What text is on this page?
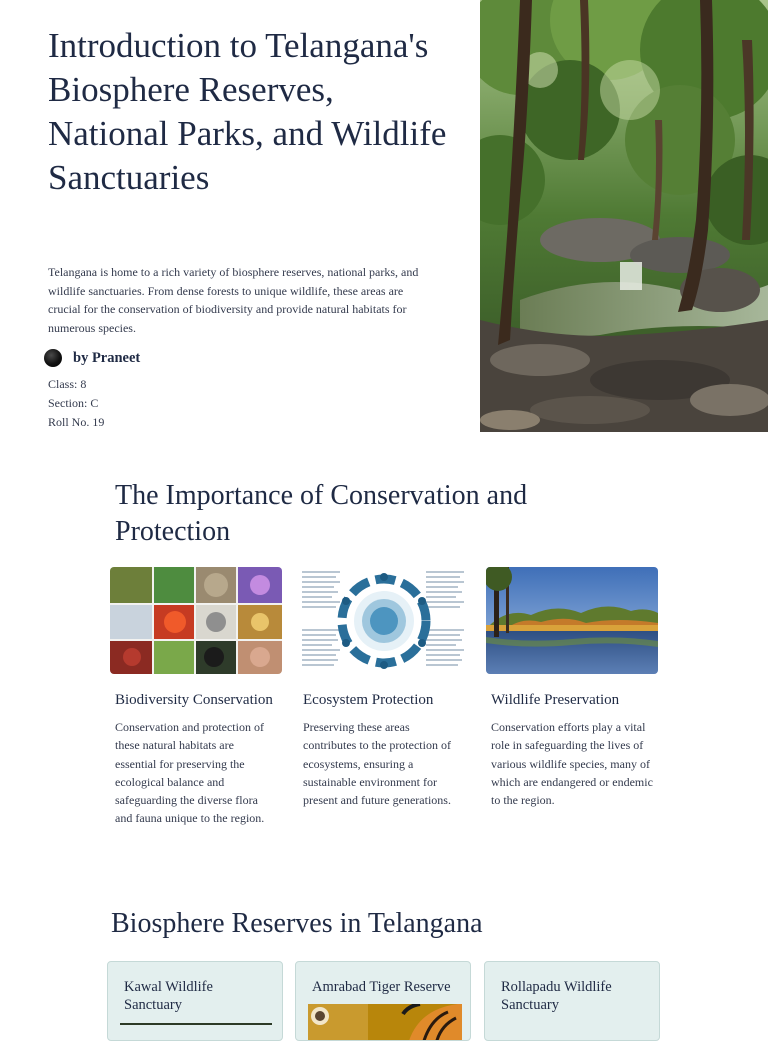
Introduction to Telangana's Biosphere Reserves, National Parks, and Wildlife Sanctuaries

Telangana is home to a rich variety of biosphere reserves, national parks, and wildlife sanctuaries. From dense forests to unique wildlife, these areas are crucial for the conservation of biodiversity and provide natural habitats for numerous species.

by Praneet
Class: 8
Section: C
Roll No. 19
The Importance of Conservation and Protection
Biodiversity Conservation

Conservation and protection of these natural habitats are essential for preserving the ecological balance and safeguarding the diverse flora and fauna unique to the region.

Ecosystem Protection

Preserving these areas contributes to the protection of ecosystems, ensuring a sustainable environment for present and future generations.

Wildlife Preservation

Conservation efforts play a vital role in safeguarding the lives of various wildlife species, many of which are endangered or endemic to the region.

Biosphere Reserves in Telangana
Kawal Wildlife Sanctuary
Amrabad Tiger Reserve	Rollapadu Wildlife Sanctuary
